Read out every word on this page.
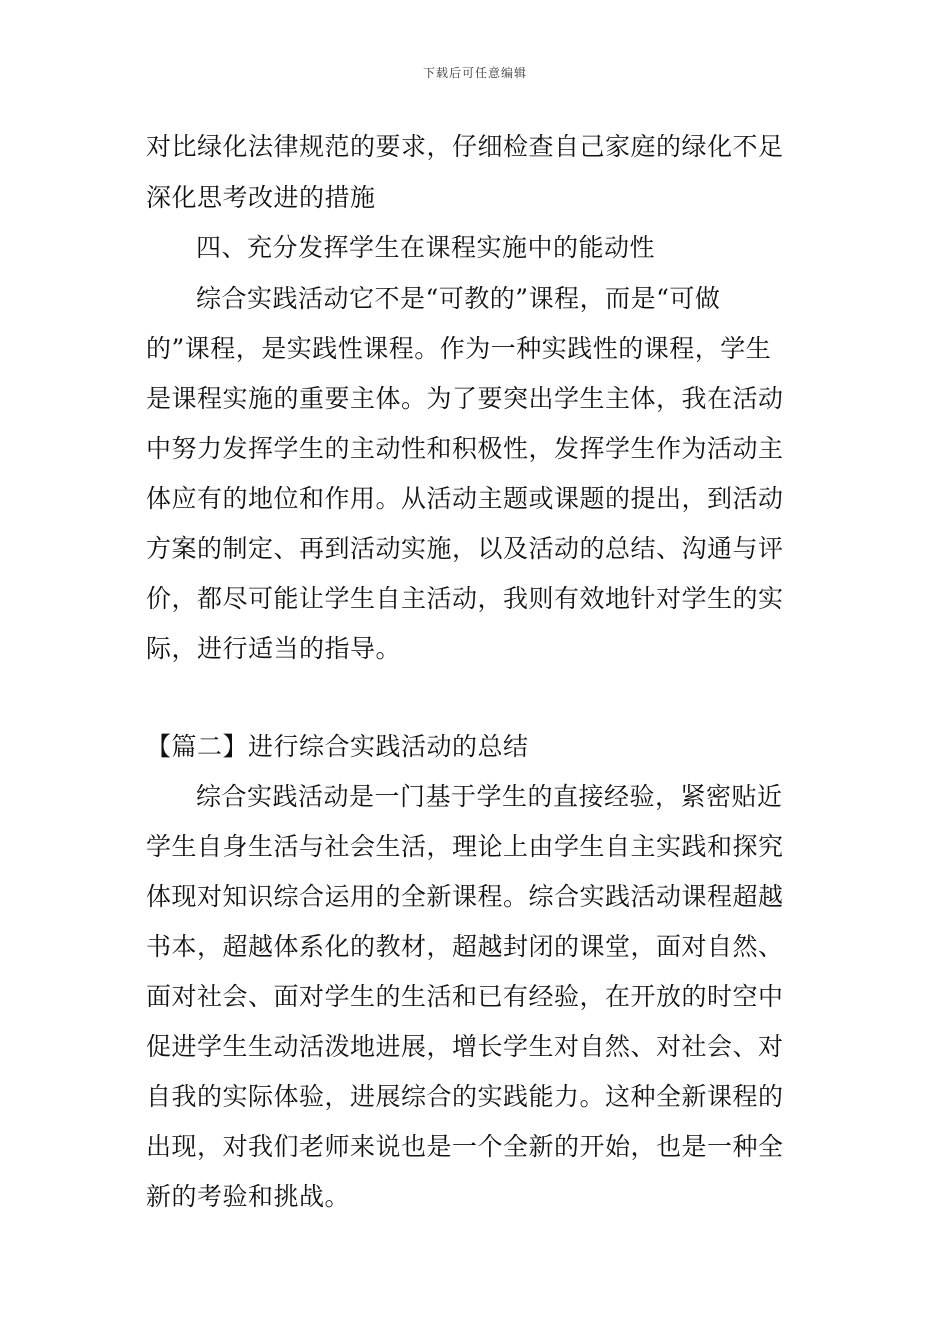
下载后可任意编辑
对比绿化法律规范的要求，仔细检查自己家庭的绿化不足
深化思考改进的措施
四、充分发挥学生在课程实施中的能动性
综合实践活动它不是“可教的”课程，而是“可做
的”课程，是实践性课程。作为一种实践性的课程，学生
是课程实施的重要主体。为了要突出学生主体，我在活动
中努力发挥学生的主动性和积极性，发挥学生作为活动主
体应有的地位和作用。从活动主题或课题的提出，到活动
方案的制定、再到活动实施，以及活动的总结、沟通与评
价，都尽可能让学生自主活动，我则有效地针对学生的实
际，进行适当的指导。
【篇二】进行综合实践活动的总结
综合实践活动是一门基于学生的直接经验，紧密贴近
学生自身生活与社会生活，理论上由学生自主实践和探究
体现对知识综合运用的全新课程。综合实践活动课程超越
书本，超越体系化的教材，超越封闭的课堂，面对自然、
面对社会、面对学生的生活和已有经验，在开放的时空中
促进学生生动活泼地进展，增长学生对自然、对社会、对
自我的实际体验，进展综合的实践能力。这种全新课程的
出现，对我们老师来说也是一个全新的开始，也是一种全
新的考验和挑战。
